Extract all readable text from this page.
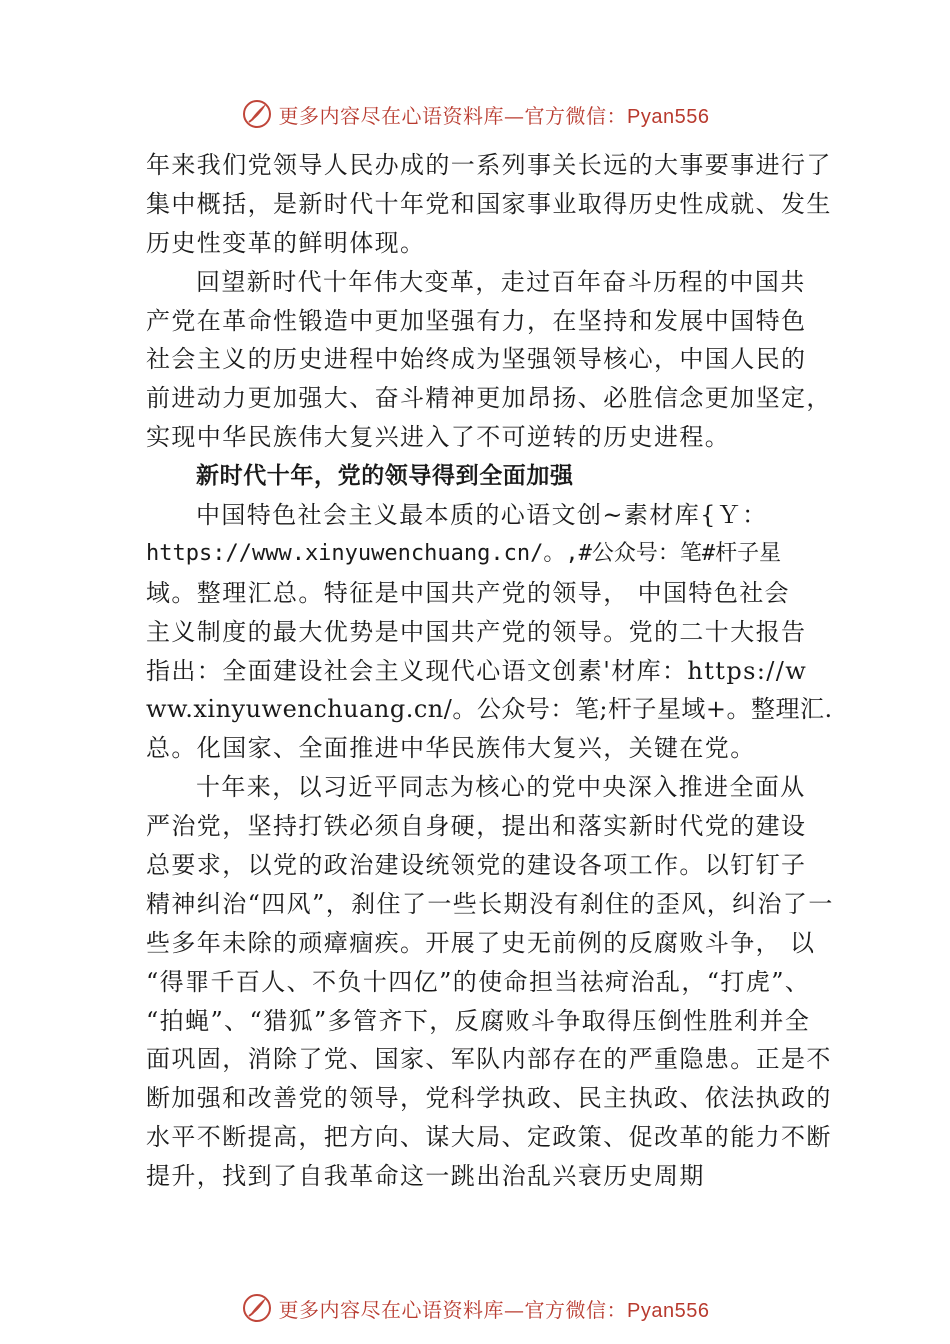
更多内容尽在心语资料库—官方微信：Pyan556
年来我们党领导人民办成的一系列事关长远的大事要事进行了
集中概括，是新时代十年党和国家事业取得历史性成就、发生
历史性变革的鲜明体现。
回望新时代十年伟大变革，走过百年奋斗历程的中国共
产党在革命性锻造中更加坚强有力，在坚持和发展中国特色
社会主义的历史进程中始终成为坚强领导核心，中国人民的
前进动力更加强大、奋斗精神更加昂扬、必胜信念更加坚定，
实现中华民族伟大复兴进入了不可逆转的历史进程。
新时代十年，党的领导得到全面加强
中国特色社会主义最本质的心语文创~素材库{Ｙ：
https://www.xinyuwenchuang.cn/。,#公众号：笔#杆子星
域。整理汇总。特征是中国共产党的领导， 中国特色社会
主义制度的最大优势是中国共产党的领导。党的二十大报告
指出：全面建设社会主义现代心语文创素'材库：https://w
ww.xinyuwenchuang.cn/。公众号：笔;杆子星域+。整理汇.
总。化国家、全面推进中华民族伟大复兴，关键在党。
十年来，以习近平同志为核心的党中央深入推进全面从
严治党，坚持打铁必须自身硬，提出和落实新时代党的建设
总要求，以党的政治建设统领党的建设各项工作。以钉钉子
精神纠治“四风”，刹住了一些长期没有刹住的歪风，纠治了一
些多年未除的顽瘴痼疾。开展了史无前例的反腐败斗争， 以
“得罪千百人、不负十四亿”的使命担当祛疴治乱，“打虎”、
“拍蝇”、“猎狐”多管齐下，反腐败斗争取得压倒性胜利并全
面巩固，消除了党、国家、军队内部存在的严重隐患。正是不
断加强和改善党的领导，党科学执政、民主执政、依法执政的
水平不断提高，把方向、谋大局、定政策、促改革的能力不断
提升，找到了自我革命这一跳出治乱兴衰历史周期
更多内容尽在心语资料库—官方微信：Pyan556
